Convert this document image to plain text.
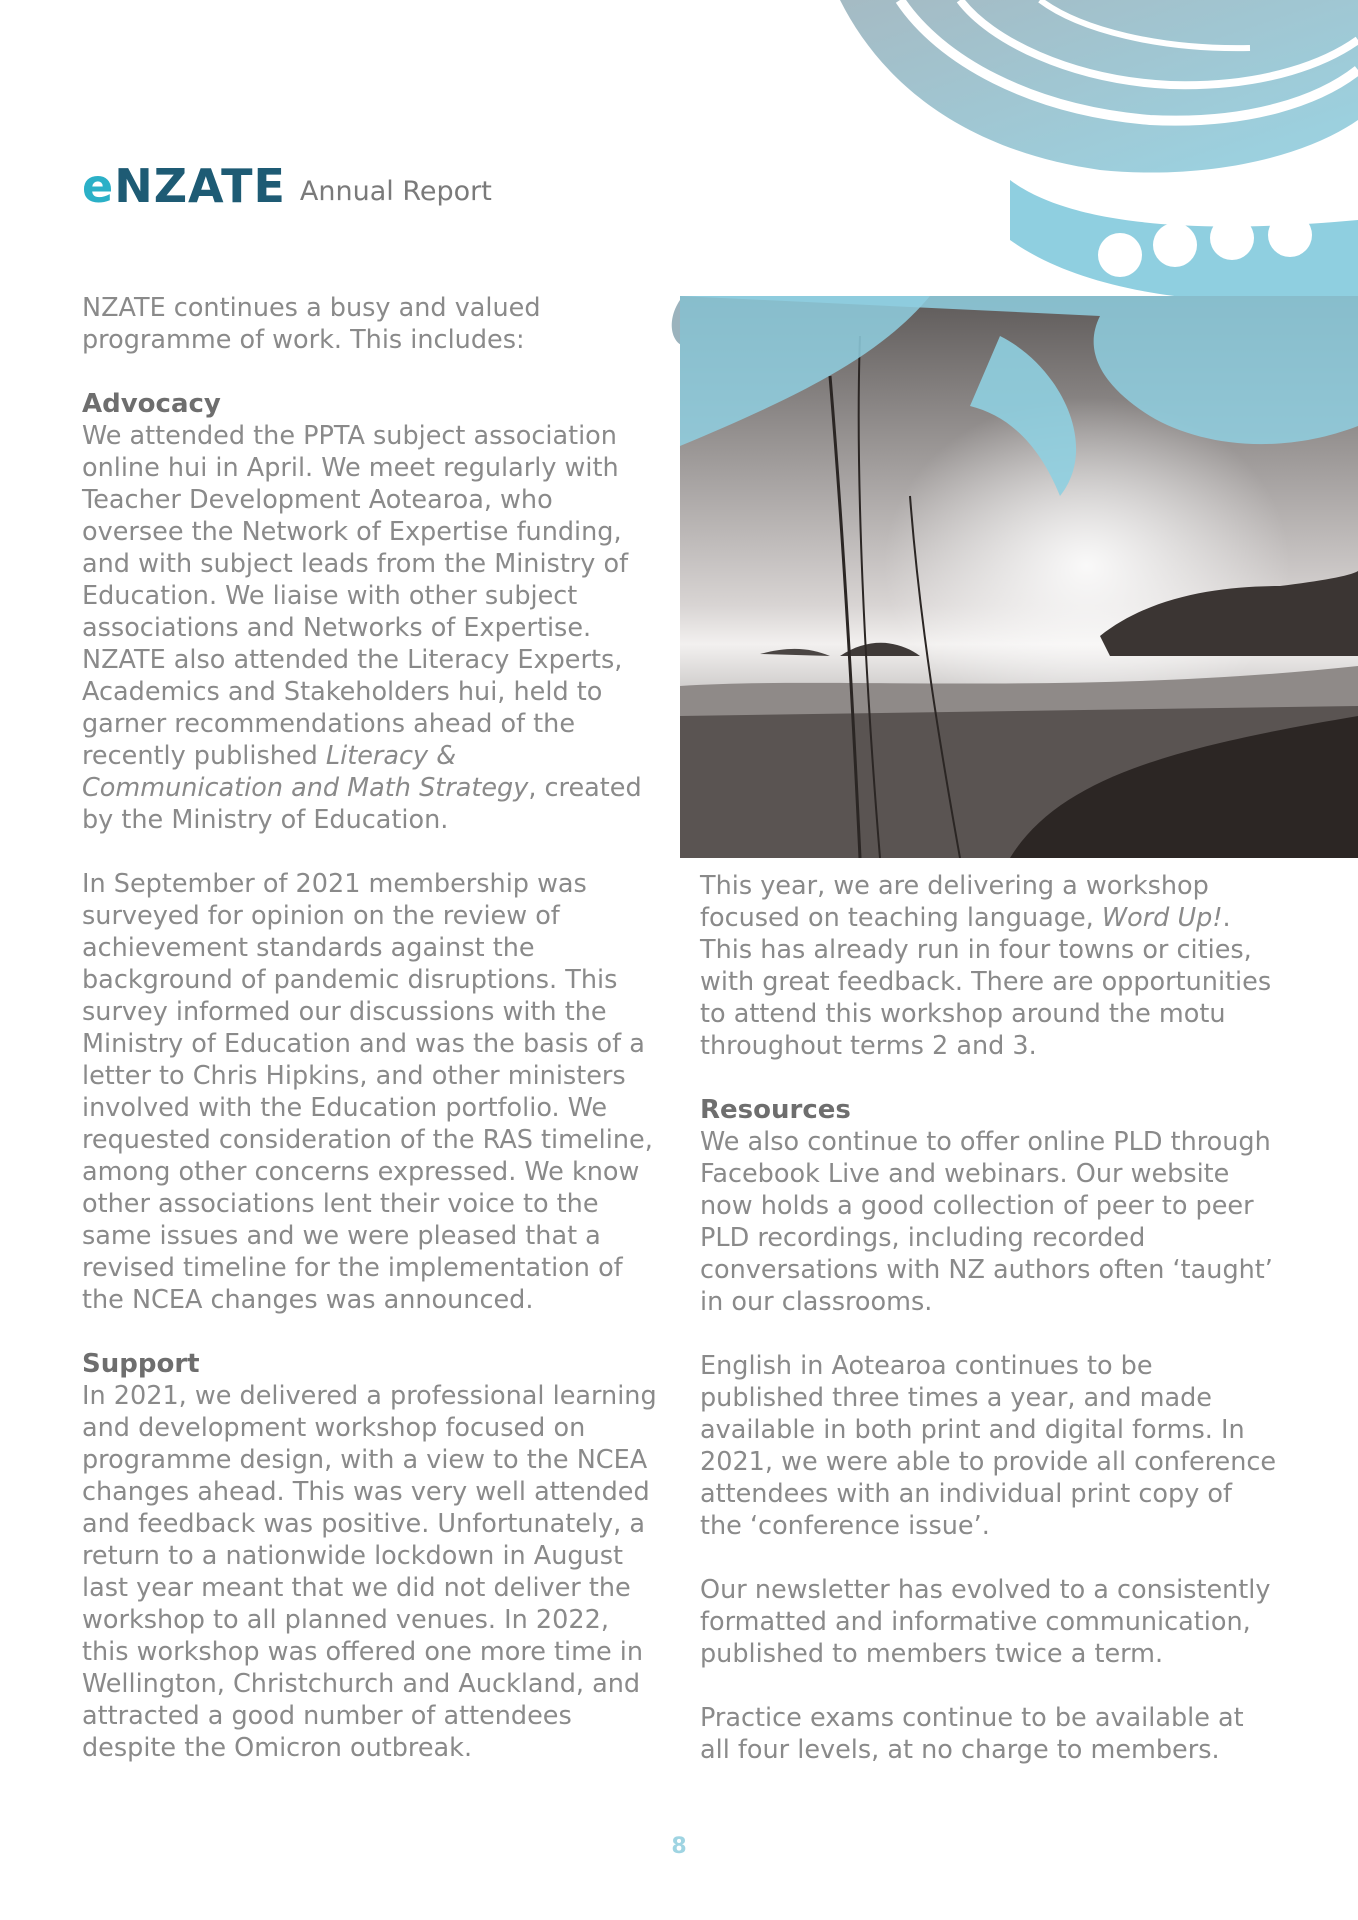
eNZATE Annual Report

NZATE continues a busy and valued programme of work. This includes:

Advocacy

We attended the PPTA subject association online hui in April. We meet regularly with Teacher Development Aotearoa, who oversee the Network of Expertise funding, and with subject leads from the Ministry of Education. We liaise with other subject associations and Networks of Expertise. NZATE also attended the Literacy Experts, Academics and Stakeholders hui, held to garner recommendations ahead of the recently published Literacy & Communication and Math Strategy, created by the Ministry of Education.

In September of 2021 membership was surveyed for opinion on the review of achievement standards against the background of pandemic disruptions. This survey informed our discussions with the Ministry of Education and was the basis of a letter to Chris Hipkins, and other ministers involved with the Education portfolio. We requested consideration of the RAS timeline, among other concerns expressed. We know other associations lent their voice to the same issues and we were pleased that a revised timeline for the implementation of the NCEA changes was announced.

Support

In 2021, we delivered a professional learning and development workshop focused on programme design, with a view to the NCEA changes ahead. This was very well attended and feedback was positive. Unfortunately, a return to a nationwide lockdown in August last year meant that we did not deliver the workshop to all planned venues. In 2022, this workshop was offered one more time in Wellington, Christchurch and Auckland, and attracted a good number of attendees despite the Omicron outbreak.

This year, we are delivering a workshop focused on teaching language, Word Up!. This has already run in four towns or cities, with great feedback. There are opportunities to attend this workshop around the motu throughout terms 2 and 3.

Resources

We also continue to offer online PLD through Facebook Live and webinars. Our website now holds a good collection of peer to peer PLD recordings, including recorded conversations with NZ authors often ‘taught’ in our classrooms.

English in Aotearoa continues to be published three times a year, and made available in both print and digital forms. In 2021, we were able to provide all conference attendees with an individual print copy of the ‘conference issue’.

Our newsletter has evolved to a consistently formatted and informative communication, published to members twice a term.

Practice exams continue to be available at all four levels, at no charge to members.

8
